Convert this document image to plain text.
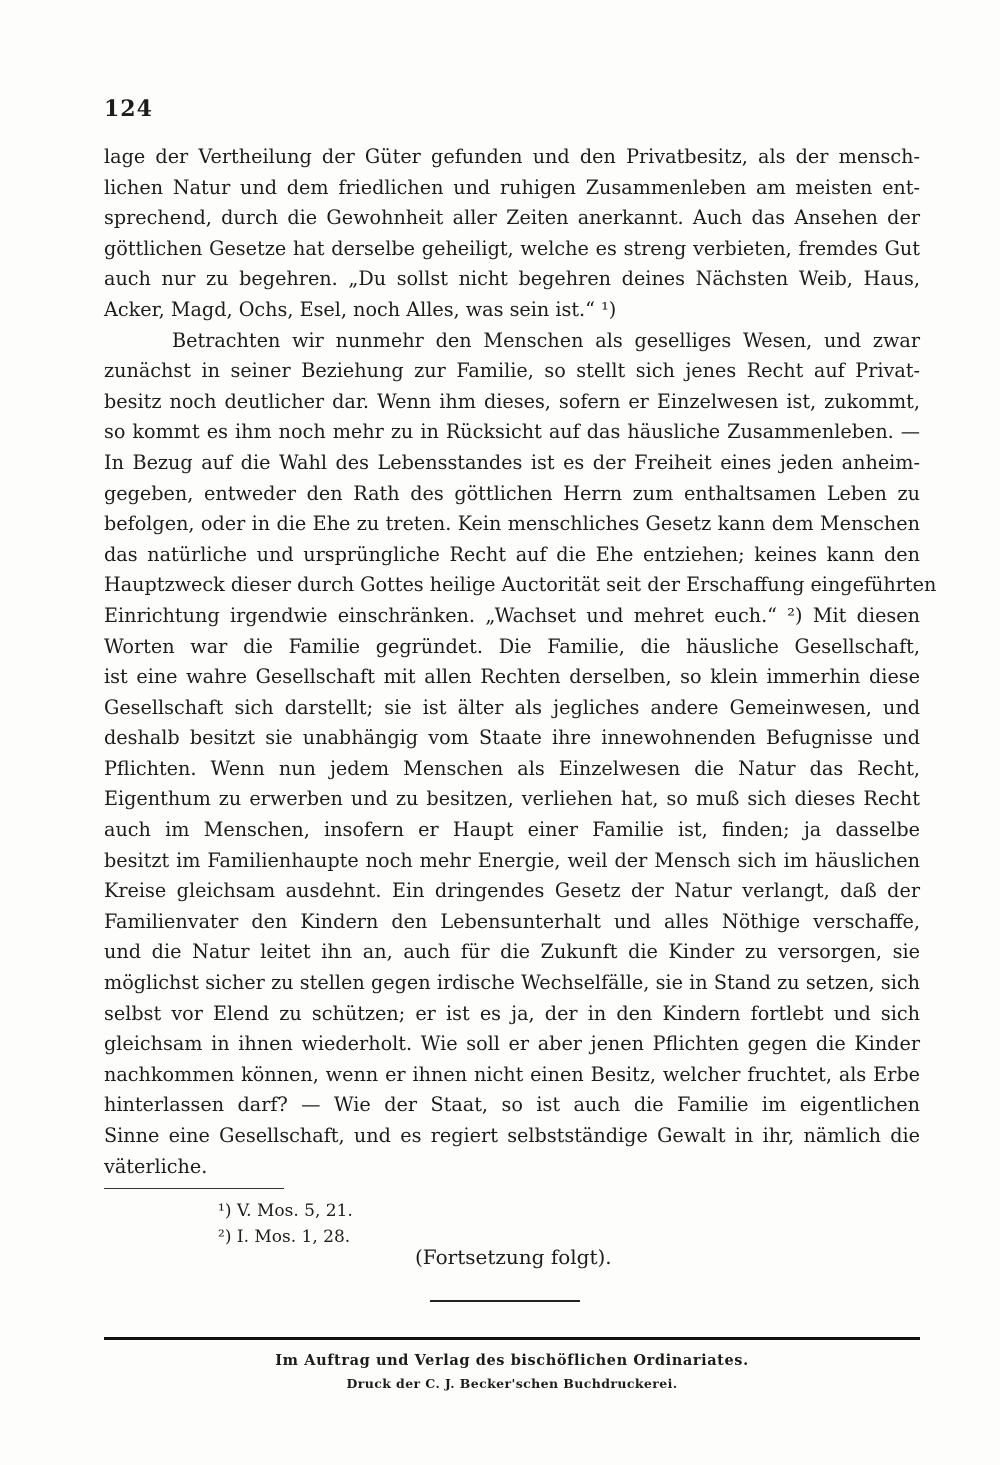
124
lage der Vertheilung der Güter gefunden und den Privatbesitz, als der mensch-
lichen Natur und dem friedlichen und ruhigen Zusammenleben am meisten ent-
sprechend, durch die Gewohnheit aller Zeiten anerkannt. Auch das Ansehen der
göttlichen Gesetze hat derselbe geheiligt, welche es streng verbieten, fremdes Gut
auch nur zu begehren. „Du sollst nicht begehren deines Nächsten Weib, Haus,
Acker, Magd, Ochs, Esel, noch Alles, was sein ist.“ ¹)
Betrachten wir nunmehr den Menschen als geselliges Wesen, und zwar
zunächst in seiner Beziehung zur Familie, so stellt sich jenes Recht auf Privat-
besitz noch deutlicher dar. Wenn ihm dieses, sofern er Einzelwesen ist, zukommt,
so kommt es ihm noch mehr zu in Rücksicht auf das häusliche Zusammenleben. —
In Bezug auf die Wahl des Lebensstandes ist es der Freiheit eines jeden anheim-
gegeben, entweder den Rath des göttlichen Herrn zum enthaltsamen Leben zu
befolgen, oder in die Ehe zu treten. Kein menschliches Gesetz kann dem Menschen
das natürliche und ursprüngliche Recht auf die Ehe entziehen; keines kann den
Hauptzweck dieser durch Gottes heilige Auctorität seit der Erschaffung eingeführten
Einrichtung irgendwie einschränken. „Wachset und mehret euch.“ ²) Mit diesen
Worten war die Familie gegründet. Die Familie, die häusliche Gesellschaft,
ist eine wahre Gesellschaft mit allen Rechten derselben, so klein immerhin diese
Gesellschaft sich darstellt; sie ist älter als jegliches andere Gemeinwesen, und
deshalb besitzt sie unabhängig vom Staate ihre innewohnenden Befugnisse und
Pflichten. Wenn nun jedem Menschen als Einzelwesen die Natur das Recht,
Eigenthum zu erwerben und zu besitzen, verliehen hat, so muß sich dieses Recht
auch im Menschen, insofern er Haupt einer Familie ist, finden; ja dasselbe
besitzt im Familienhaupte noch mehr Energie, weil der Mensch sich im häuslichen
Kreise gleichsam ausdehnt. Ein dringendes Gesetz der Natur verlangt, daß der
Familienvater den Kindern den Lebensunterhalt und alles Nöthige verschaffe,
und die Natur leitet ihn an, auch für die Zukunft die Kinder zu versorgen, sie
möglichst sicher zu stellen gegen irdische Wechselfälle, sie in Stand zu setzen, sich
selbst vor Elend zu schützen; er ist es ja, der in den Kindern fortlebt und sich
gleichsam in ihnen wiederholt. Wie soll er aber jenen Pflichten gegen die Kinder
nachkommen können, wenn er ihnen nicht einen Besitz, welcher fruchtet, als Erbe
hinterlassen darf? — Wie der Staat, so ist auch die Familie im eigentlichen
Sinne eine Gesellschaft, und es regiert selbstständige Gewalt in ihr, nämlich die
väterliche.
¹) V. Mos. 5, 21.
²) I. Mos. 1, 28.
(Fortsetzung folgt).
Im Auftrag und Verlag des bischöflichen Ordinariates.
Druck der C. J. Becker'schen Buchdruckerei.
